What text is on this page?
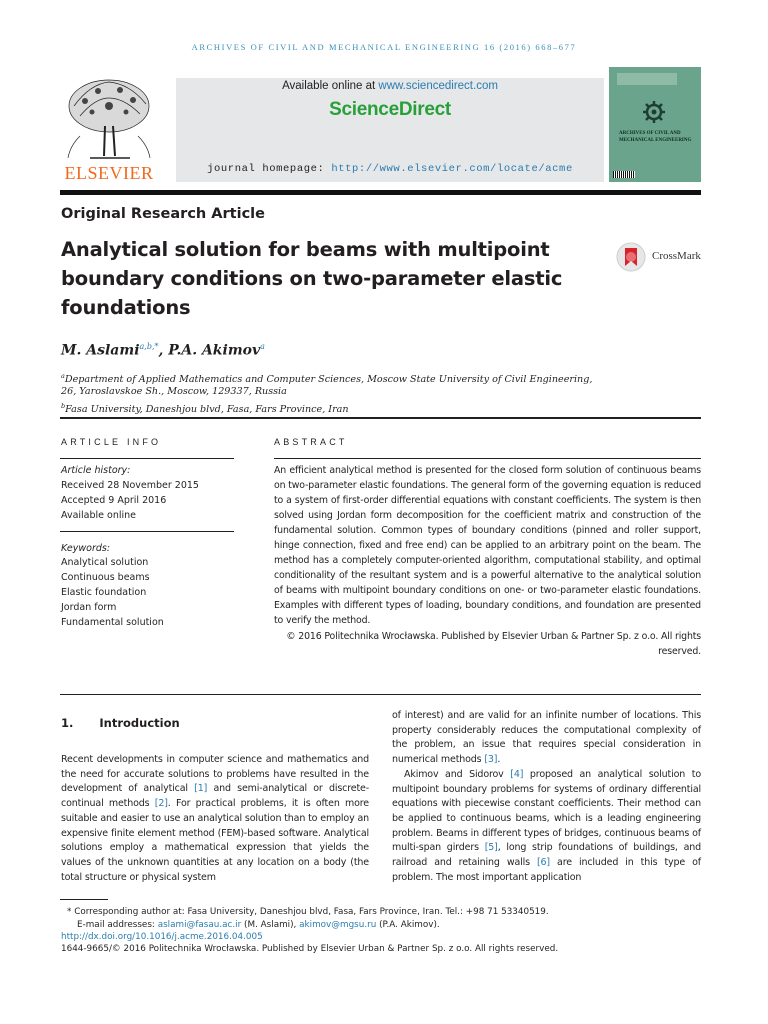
ARCHIVES OF CIVIL AND MECHANICAL ENGINEERING 16 (2016) 668–677
ELSEVIER
Available online at www.sciencedirect.com
ScienceDirect
journal homepage: http://www.elsevier.com/locate/acme
ARCHIVES OF CIVIL AND MECHANICAL ENGINEERING
Original Research Article
Analytical solution for beams with multipoint boundary conditions on two-parameter elastic foundations
CrossMark
M. Aslami$^{a,b,*}$, P.A. Akimov$^a$
$^a$Department of Applied Mathematics and Computer Sciences, Moscow State University of Civil Engineering,
26, Yaroslavskoe Sh., Moscow, 129337, Russia
$^b$Fasa University, Daneshjou blvd, Fasa, Fars Province, Iran
ARTICLE INFO
Article history:
Received 28 November 2015
Accepted 9 April 2016
Available online
Keywords:
Analytical solution
Continuous beams
Elastic foundation
Jordan form
Fundamental solution
ABSTRACT
An efficient analytical method is presented for the closed form solution of continuous beams on two-parameter elastic foundations. The general form of the governing equation is reduced to a system of first-order differential equations with constant coefficients. The system is then solved using Jordan form decomposition for the coefficient matrix and construction of the fundamental solution. Common types of boundary conditions (pinned and roller support, hinge connection, fixed and free end) can be applied to an arbitrary point on the beam. The method has a completely computer-oriented algorithm, computational stability, and optimal conditionality of the resultant system and is a powerful alternative to the analytical solution of beams with multipoint boundary conditions on one- or two-parameter elastic foundations. Examples with different types of loading, boundary conditions, and foundation are presented to verify the method.
© 2016 Politechnika Wrocławska. Published by Elsevier Urban & Partner Sp. z o.o. All rights reserved.
1. Introduction
Recent developments in computer science and mathematics and the need for accurate solutions to problems have resulted in the development of analytical [1] and semi-analytical or discrete-continual methods [2]. For practical problems, it is often more suitable and easier to use an analytical solution than to employ an expensive finite element method (FEM)-based software. Analytical solutions employ a mathematical expression that yields the values of the unknown quantities at any location on a body (the total structure or physical system
of interest) and are valid for an infinite number of locations. This property considerably reduces the computational complexity of the problem, an issue that requires special consideration in numerical methods [3].
Akimov and Sidorov [4] proposed an analytical solution to multipoint boundary problems for systems of ordinary differential equations with piecewise constant coefficients. Their method can be applied to continuous beams, which is a leading engineering problem. Beams in different types of bridges, continuous beams of multi-span girders [5], long strip foundations of buildings, and railroad and retaining walls [6] are included in this type of problem. The most important application
* Corresponding author at: Fasa University, Daneshjou blvd, Fasa, Fars Province, Iran. Tel.: +98 71 53340519.
E-mail addresses: aslami@fasau.ac.ir (M. Aslami), akimov@mgsu.ru (P.A. Akimov).
http://dx.doi.org/10.1016/j.acme.2016.04.005
1644-9665/© 2016 Politechnika Wrocławska. Published by Elsevier Urban & Partner Sp. z o.o. All rights reserved.
